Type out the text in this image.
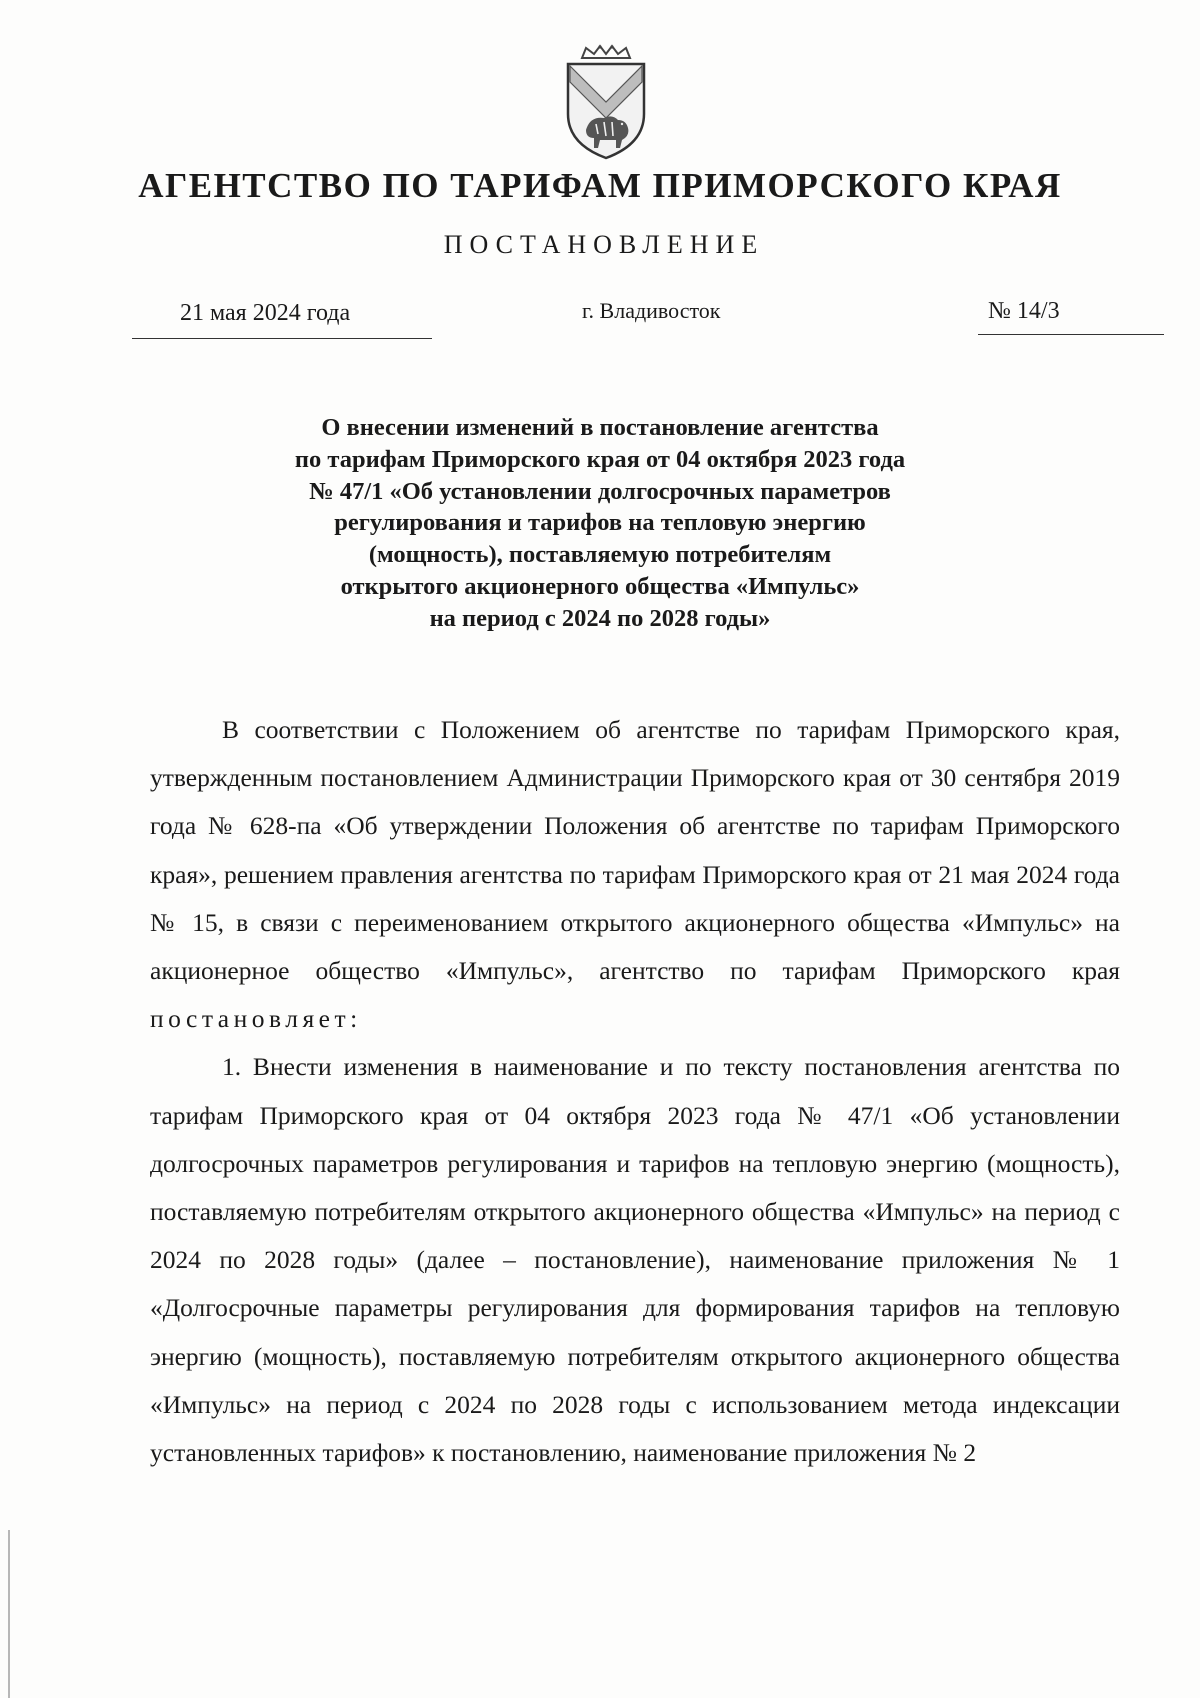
АГЕНТСТВО ПО ТАРИФАМ ПРИМОРСКОГО КРАЯ
ПОСТАНОВЛЕНИЕ
21 мая 2024 года	г. Владивосток	№ 14/3
О внесении изменений в постановление агентства
по тарифам Приморского края от 04 октября 2023 года
№ 47/1 «Об установлении долгосрочных параметров
регулирования и тарифов на тепловую энергию
(мощность), поставляемую потребителям
открытого акционерного общества «Импульс»
на период с 2024 по 2028 годы»

В соответствии с Положением об агентстве по тарифам Приморского края, утвержденным постановлением Администрации Приморского края от 30 сентября 2019 года № 628-па «Об утверждении Положения об агентстве по тарифам Приморского края», решением правления агентства по тарифам Приморского края от 21 мая 2024 года № 15, в связи с переименованием открытого акционерного общества «Импульс» на акционерное общество «Импульс», агентство по тарифам Приморского края постановляет:

1. Внести изменения в наименование и по тексту постановления агентства по тарифам Приморского края от 04 октября 2023 года № 47/1 «Об установлении долгосрочных параметров регулирования и тарифов на тепловую энергию (мощность), поставляемую потребителям открытого акционерного общества «Импульс» на период с 2024 по 2028 годы» (далее – постановление), наименование приложения № 1 «Долгосрочные параметры регулирования для формирования тарифов на тепловую энергию (мощность), поставляемую потребителям открытого акционерного общества «Импульс» на период с 2024 по 2028 годы с использованием метода индексации установленных тарифов» к постановлению, наименование приложения № 2
